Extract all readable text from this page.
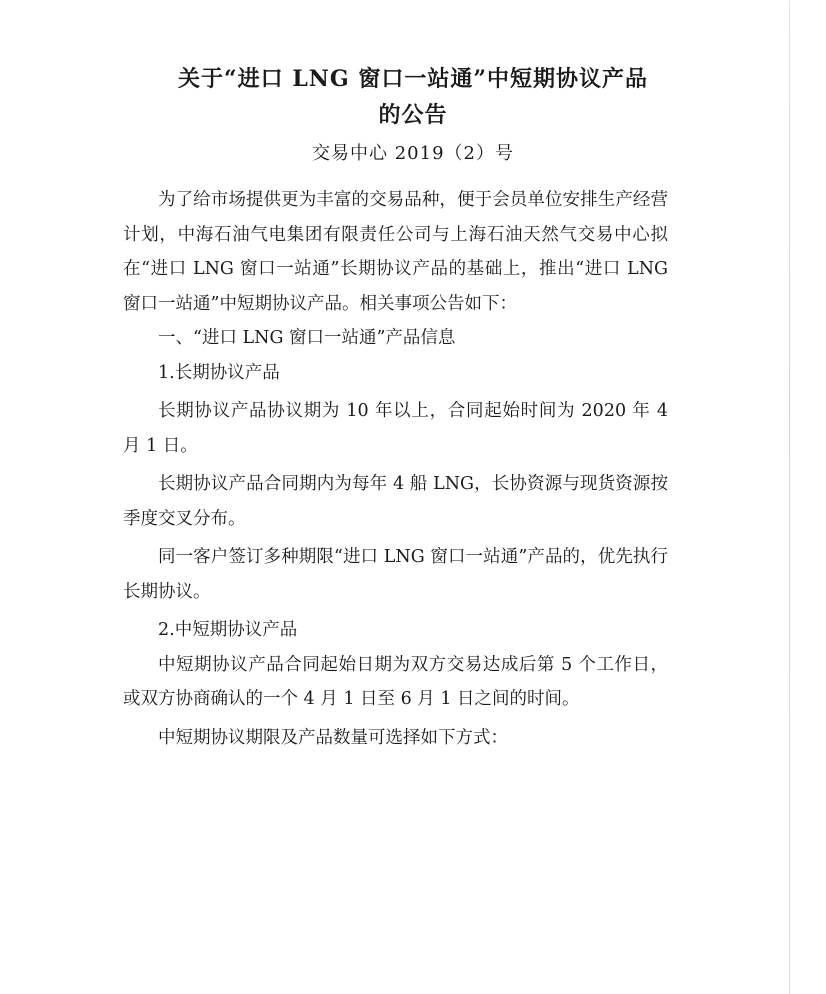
关于“进口 LNG 窗口一站通”中短期协议产品
的公告
交易中心 2019（2）号

为了给市场提供更为丰富的交易品种，便于会员单位安排生产经营计划，中海石油气电集团有限责任公司与上海石油天然气交易中心拟在“进口 LNG 窗口一站通”长期协议产品的基础上，推出“进口 LNG 窗口一站通”中短期协议产品。相关事项公告如下：

一、“进口 LNG 窗口一站通”产品信息

1.长期协议产品

长期协议产品协议期为 10 年以上，合同起始时间为 2020 年 4 月 1 日。

长期协议产品合同期内为每年 4 船 LNG，长协资源与现货资源按季度交叉分布。

同一客户签订多种期限“进口 LNG 窗口一站通”产品的，优先执行长期协议。

2.中短期协议产品

中短期协议产品合同起始日期为双方交易达成后第 5 个工作日，或双方协商确认的一个 4 月 1 日至 6 月 1 日之间的时间。

中短期协议期限及产品数量可选择如下方式：
